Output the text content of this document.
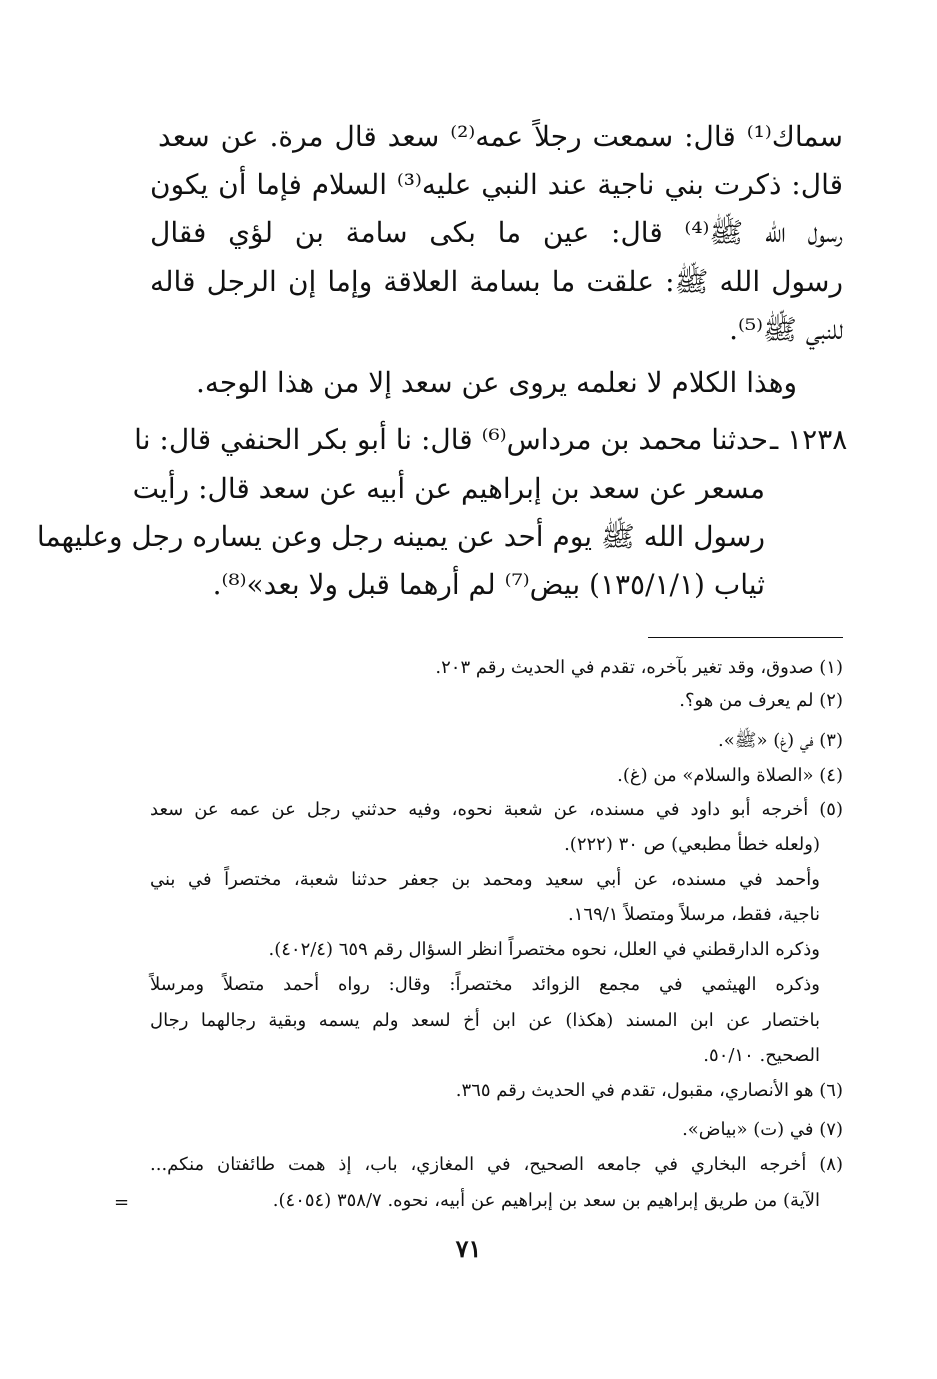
سماك⁽¹⁾ قال: سمعت رجلاً عمه⁽²⁾ سعد قال مرة. عن سعد
قال: ذكرت بني ناجية عند النبي عليه⁽³⁾ السلام فإما أن يكون
رسول الله ﷺ⁽⁴⁾ قال: عين ما بكى سامة بن لؤي فقال
رسول الله ﷺ: علقت ما بسامة العلاقة وإما إن الرجل قاله
للنبي ﷺ⁽⁵⁾.
وهذا الكلام لا نعلمه يروى عن سعد إلا من هذا الوجه.
١٢٣٨ ـ
حدثنا محمد بن مرداس⁽⁶⁾ قال: نا أبو بكر الحنفي قال: نا
مسعر عن سعد بن إبراهيم عن أبيه عن سعد قال: رأيت
رسول الله ﷺ يوم أحد عن يمينه رجل وعن يساره رجل وعليهما
ثياب (١٣٥/١/١) بيض⁽⁷⁾ لم أرهما قبل ولا بعد»⁽⁸⁾.
(١) صدوق، وقد تغير بآخره، تقدم في الحديث رقم ٢٠٣.
(٢) لم يعرف من هو؟.
(٣) في (غ) «ﷺ».
(٤) «الصلاة والسلام» من (غ).
(٥) أخرجه أبو داود في مسنده، عن شعبة نحوه، وفيه حدثني رجل عن عمه عن سعد
(ولعله خطأ مطبعي) ص ٣٠ (٢٢٢).
وأحمد في مسنده، عن أبي سعيد ومحمد بن جعفر حدثنا شعبة، مختصراً في بني
ناجية، فقط، مرسلاً ومتصلاً ١٦٩/١.
وذكره الدارقطني في العلل، نحوه مختصراً انظر السؤال رقم ٦٥٩ (٤٠٢/٤).
وذكره الهيثمي في مجمع الزوائد مختصراً: وقال: رواه أحمد متصلاً ومرسلاً
باختصار عن ابن المسند (هكذا) عن ابن أخ لسعد ولم يسمه وبقية رجالهما رجال
الصحيح. ٥٠/١٠.
(٦) هو الأنصاري، مقبول، تقدم في الحديث رقم ٣٦٥.
(٧) في (ت) «بياض».
(٨) أخرجه البخاري في جامعه الصحيح، في المغازي، باب، إذ همت طائفتان منكم...
الآية) من طريق إبراهيم بن سعد بن إبراهيم عن أبيه، نحوه. ٣٥٨/٧ (٤٠٥٤).
=
٧١
